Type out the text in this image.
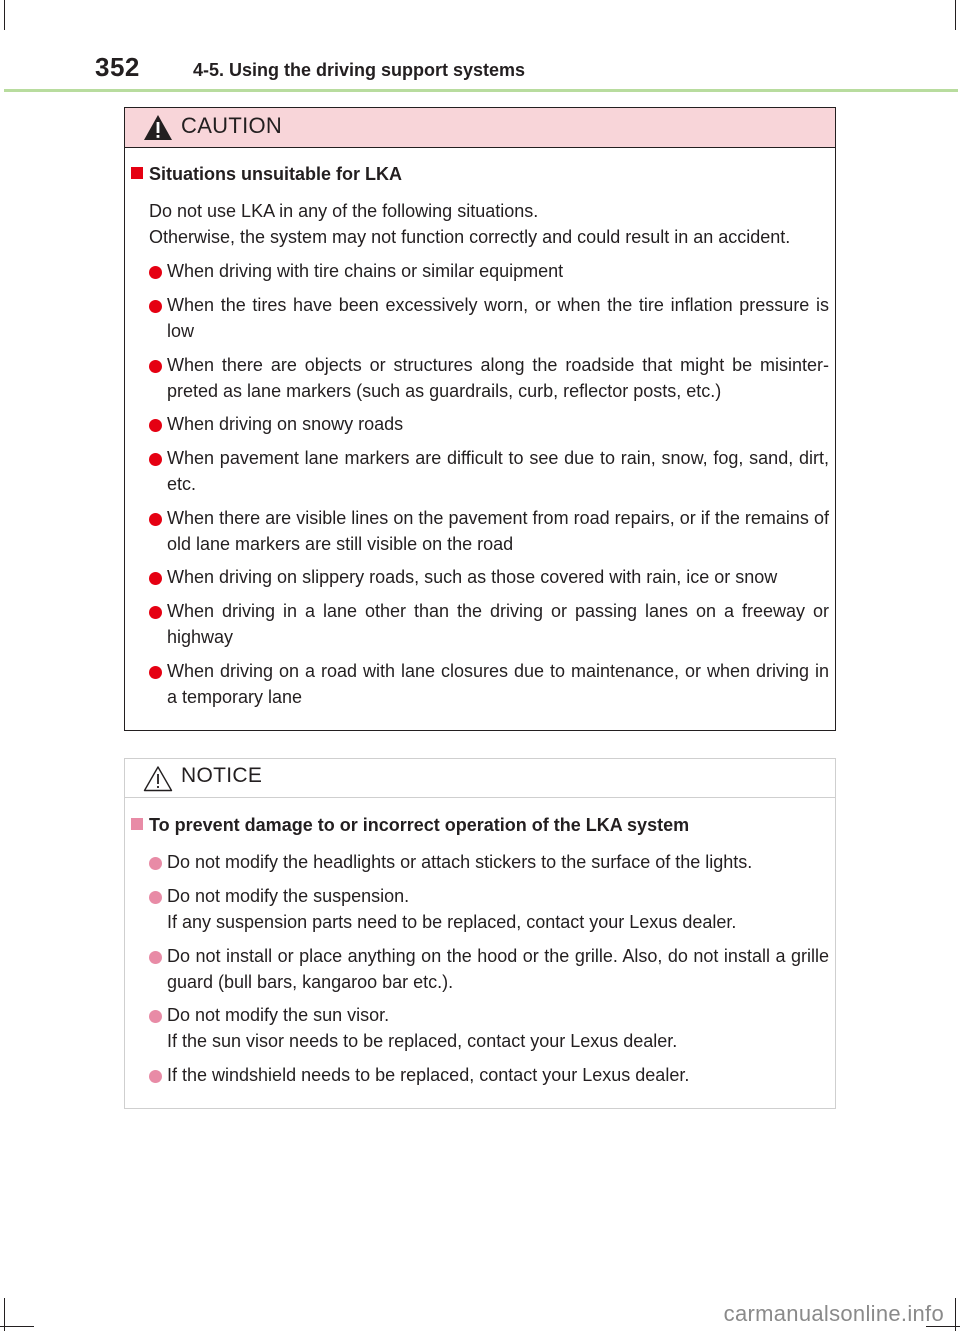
352	4-5. Using the driving support systems
CAUTION
Situations unsuitable for LKA
Do not use LKA in any of the following situations.
Otherwise, the system may not function correctly and could result in an accident.
When driving with tire chains or similar equipment
When the tires have been excessively worn, or when the tire inflation pressure is low
When there are objects or structures along the roadside that might be misinter-preted as lane markers (such as guardrails, curb, reflector posts, etc.)
When driving on snowy roads
When pavement lane markers are difficult to see due to rain, snow, fog, sand, dirt, etc.
When there are visible lines on the pavement from road repairs, or if the remains of old lane markers are still visible on the road
When driving on slippery roads, such as those covered with rain, ice or snow
When driving in a lane other than the driving or passing lanes on a freeway or highway
When driving on a road with lane closures due to maintenance, or when driving in a temporary lane
NOTICE
To prevent damage to or incorrect operation of the LKA system
Do not modify the headlights or attach stickers to the surface of the lights.
Do not modify the suspension.
If any suspension parts need to be replaced, contact your Lexus dealer.
Do not install or place anything on the hood or the grille. Also, do not install a grille guard (bull bars, kangaroo bar etc.).
Do not modify the sun visor.
If the sun visor needs to be replaced, contact your Lexus dealer.
If the windshield needs to be replaced, contact your Lexus dealer.
carmanualsonline.info
